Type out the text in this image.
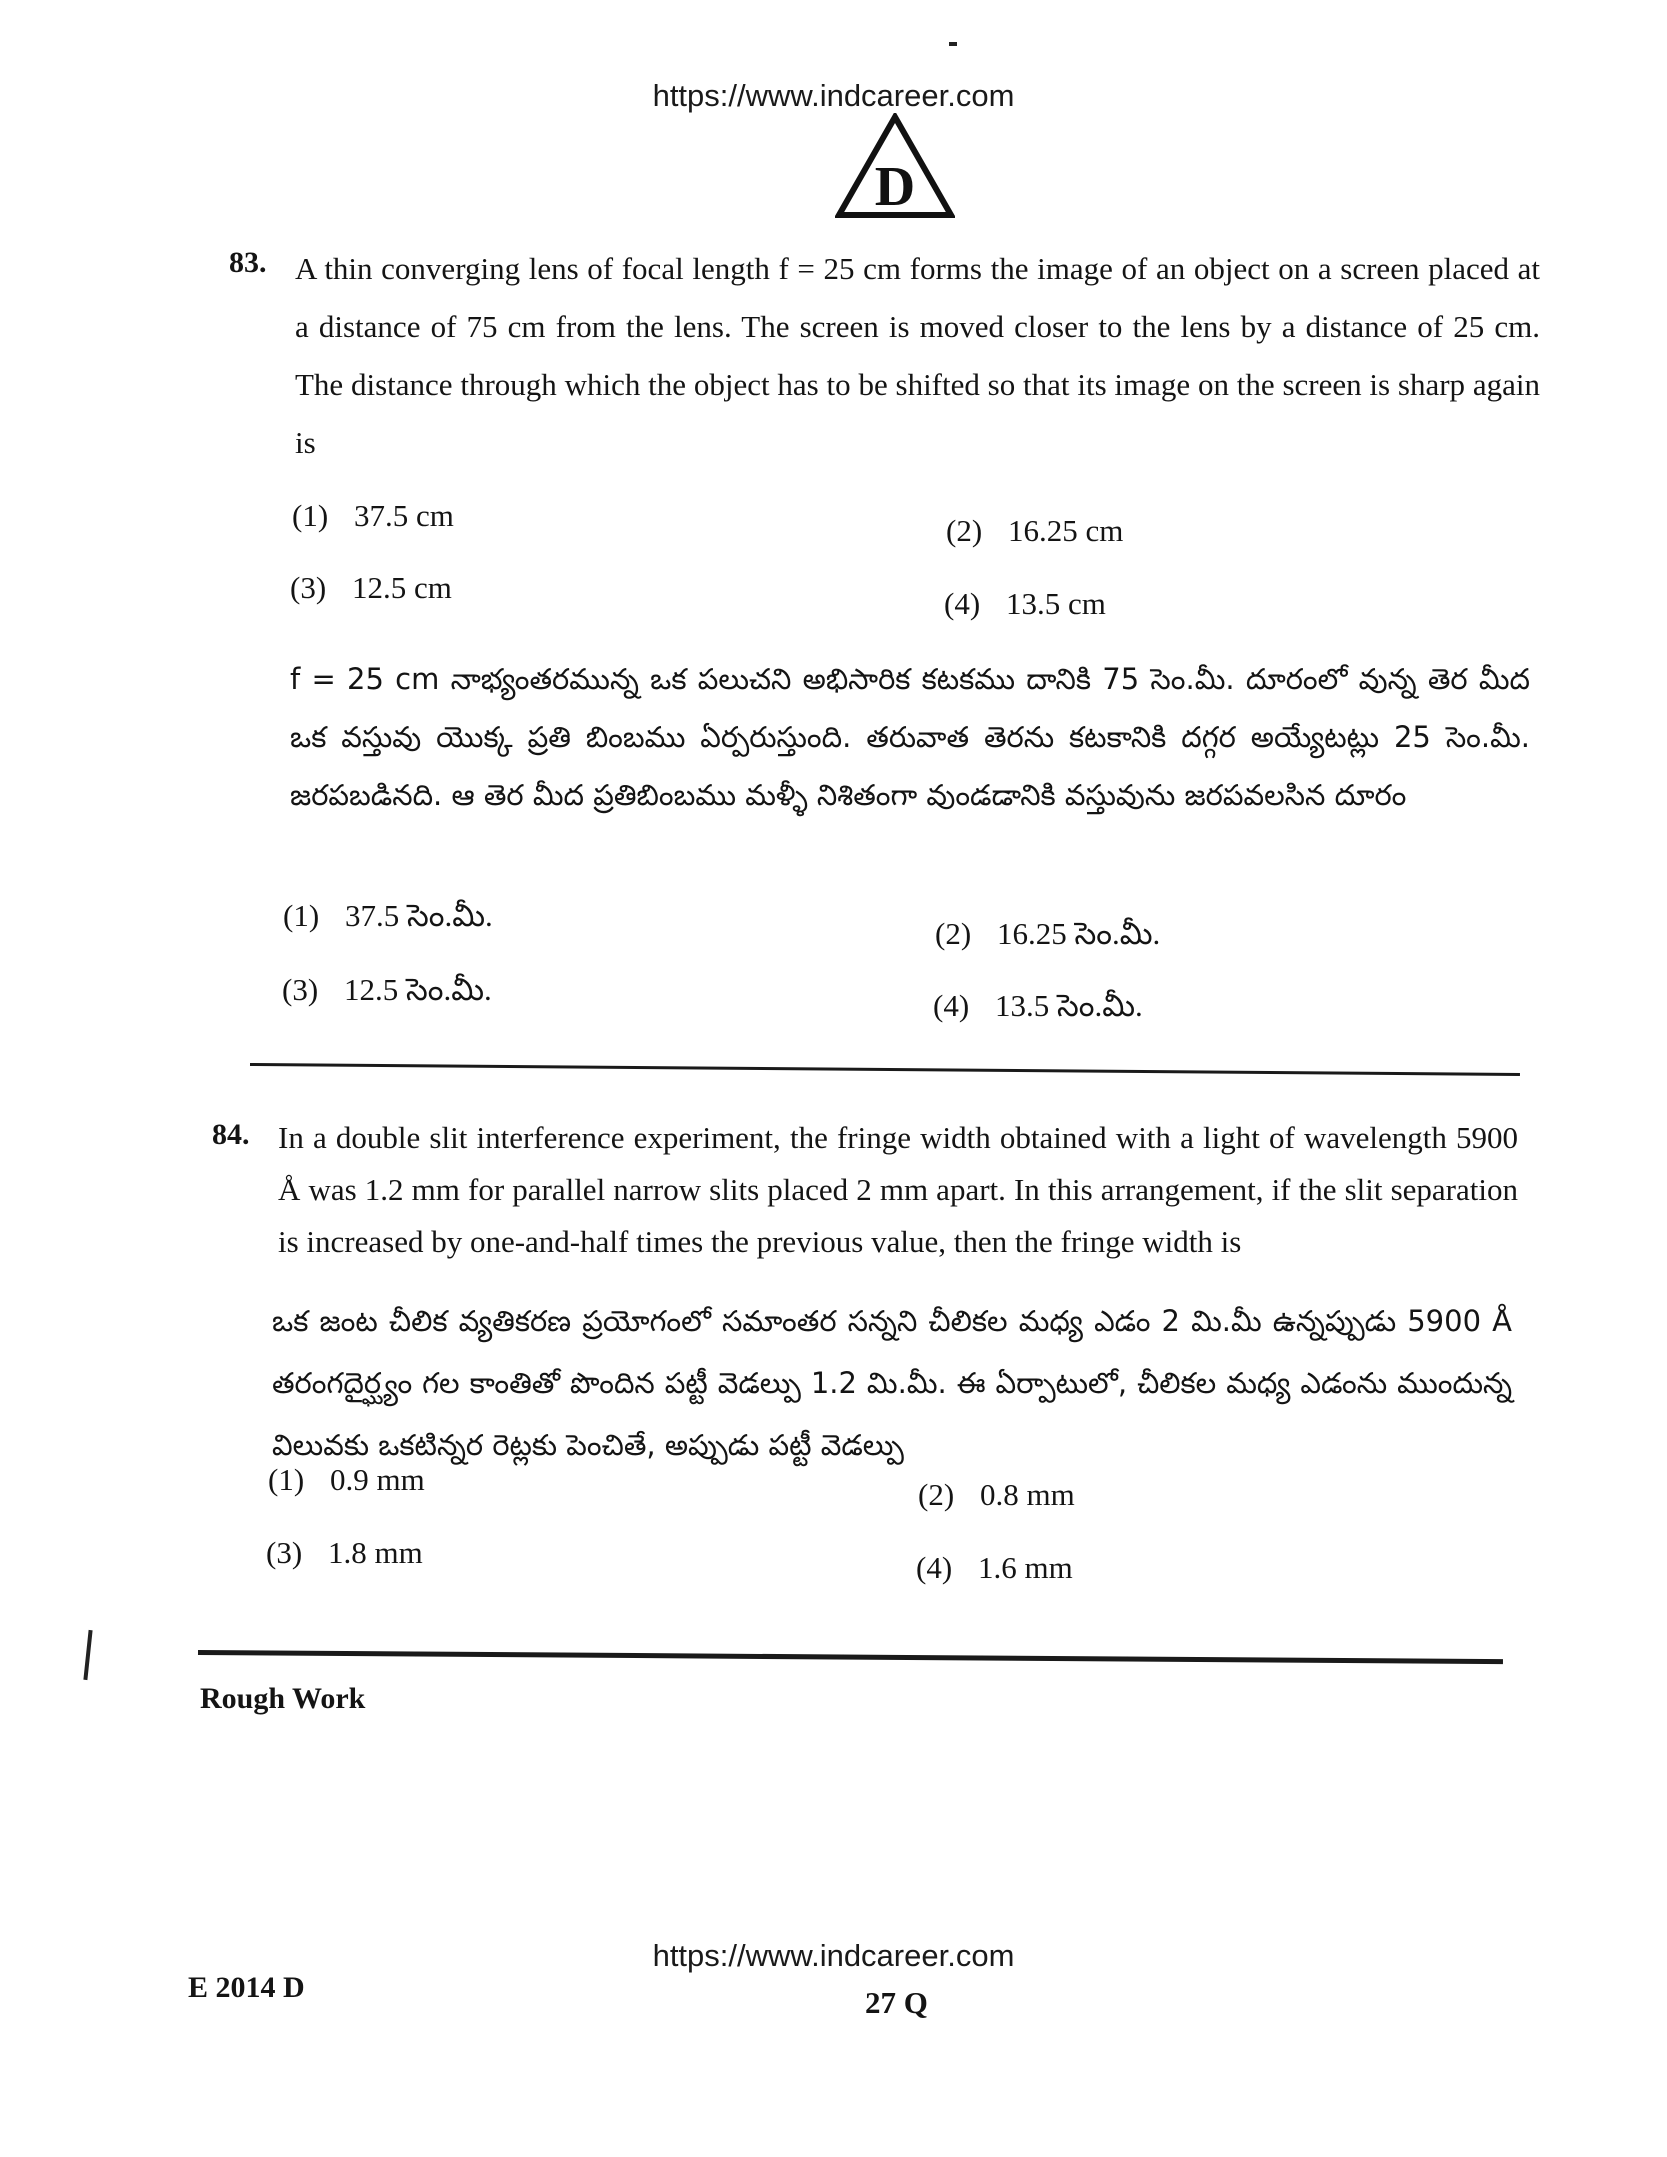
https://www.indcareer.com
D
83. A thin converging lens of focal length f = 25 cm forms the image of an object on a screen placed at a distance of 75 cm from the lens. The screen is moved closer to the lens by a distance of 25 cm. The distance through which the object has to be shifted so that its image on the screen is sharp again is
(1) 37.5 cm	(2) 16.25 cm
(3) 12.5 cm	(4) 13.5 cm
f = 25 cm నాభ్యంతరమున్న ఒక పలుచని అభిసారిక కటకము దానికి 75 సెం.మీ. దూరంలో వున్న తెర మీద ఒక వస్తువు యొక్క ప్రతి బింబము ఏర్పరుస్తుంది. తరువాత తెరను కటకానికి దగ్గర అయ్యేటట్లు 25 సెం.మీ. జరపబడినది. ఆ తెర మీద ప్రతిబింబము మళ్ళీ నిశితంగా వుండడానికి వస్తువును జరపవలసిన దూరం
(1) 37.5 సెం.మీ.
(2) 16.25 సెం.మీ.
(3) 12.5 సెం.మీ.	(4) 13.5 సెం.మీ.
84. In a double slit interference experiment, the fringe width obtained with a light of wavelength 5900 Å was 1.2 mm for parallel narrow slits placed 2 mm apart. In this arrangement, if the slit separation is increased by one-and-half times the previous value, then the fringe width is
ఒక జంట చీలిక వ్యతికరణ ప్రయోగంలో సమాంతర సన్నని చీలికల మధ్య ఎడం 2 మి.మీ ఉన్నప్పుడు 5900 Å తరంగదైర్ఘ్యం గల కాంతితో పొందిన పట్టీ వెడల్పు 1.2 మి.మీ. ఈ ఏర్పాటులో, చీలికల మధ్య ఎడంను ముందున్న విలువకు ఒకటిన్నర రెట్లకు పెంచితే, అప్పుడు పట్టీ వెడల్పు
(1) 0.9 mm	(2) 0.8 mm
(3) 1.8 mm	(4) 1.6 mm
Rough Work
https://www.indcareer.com
E 2014 D	27 Q
